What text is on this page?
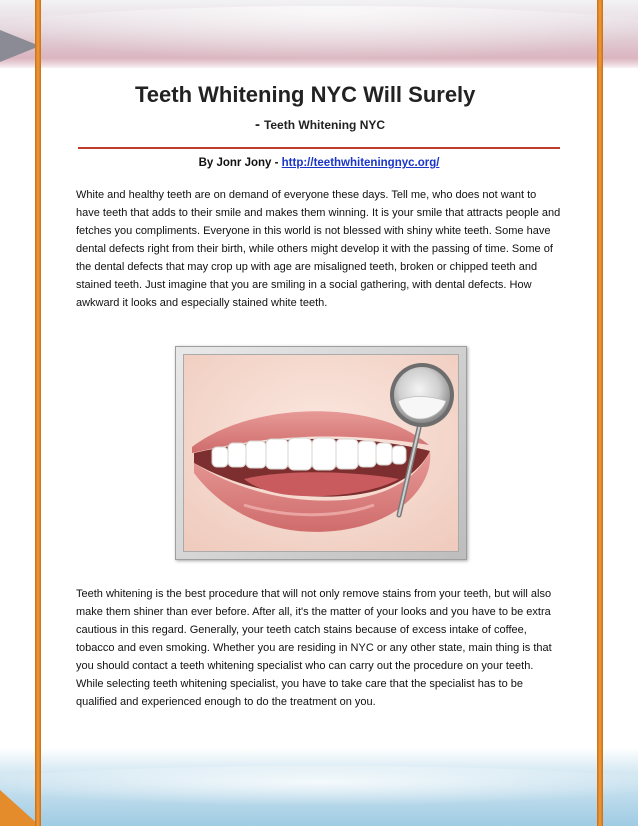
Teeth Whitening NYC Will Surely
- Teeth Whitening NYC
By Jonr Jony - http://teethwhiteningnyc.org/

White and healthy teeth are on demand of everyone these days. Tell me, who does not want to have teeth that adds to their smile and makes them winning. It is your smile that attracts people and fetches you compliments. Everyone in this world is not blessed with shiny white teeth. Some have dental defects right from their birth, while others might develop it with the passing of time. Some of the dental defects that may crop up with age are misaligned teeth, broken or chipped teeth and stained teeth. Just imagine that you are smiling in a social gathering, with dental defects. How awkward it looks and especially stained white teeth.

Teeth whitening is the best procedure that will not only remove stains from your teeth, but will also make them shiner than ever before. After all, it's the matter of your looks and you have to be extra cautious in this regard. Generally, your teeth catch stains because of excess intake of coffee, tobacco and even smoking. Whether you are residing in NYC or any other state, main thing is that you should contact a teeth whitening specialist who can carry out the procedure on your teeth. While selecting teeth whitening specialist, you have to take care that the specialist has to be qualified and experienced enough to do the treatment on you.
